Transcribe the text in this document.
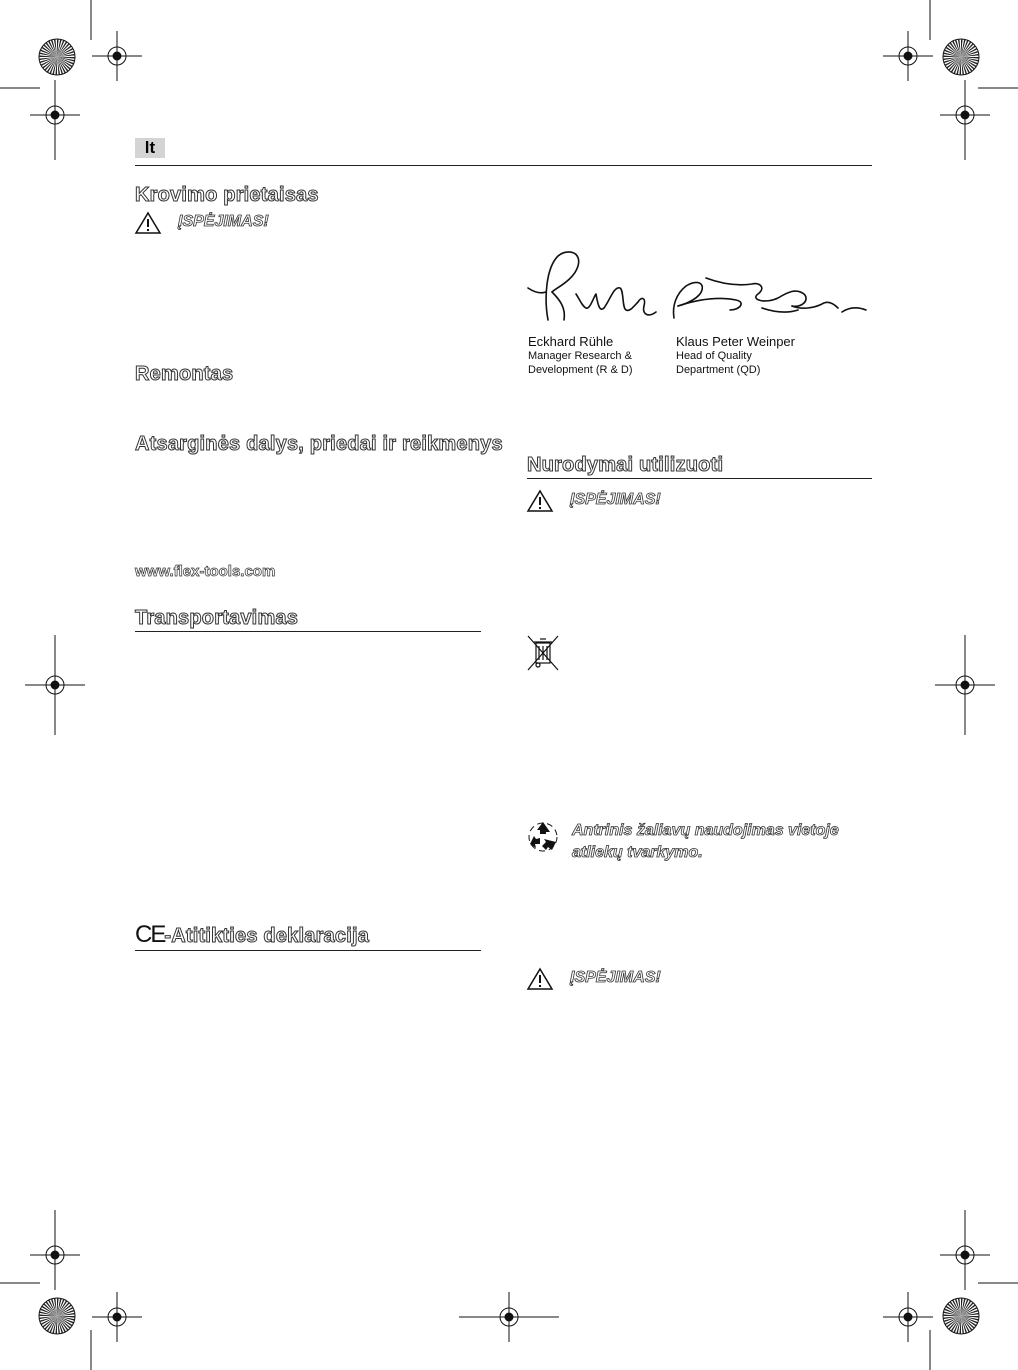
lt
Krovimo prietaisas
ĮSPĖJIMAS!
Remontas
Atsarginės dalys, priedai ir reikmenys
www.flex-tools.com
Transportavimas
CE-Atitikties deklaracija
Eckhard Rühle
Manager Research &
Development (R & D)
Klaus Peter Weinper
Head of Quality
Department (QD)
Nurodymai utilizuoti
ĮSPĖJIMAS!
Antrinis žaliavų naudojimas vietoje
atliekų tvarkymo.
ĮSPĖJIMAS!
